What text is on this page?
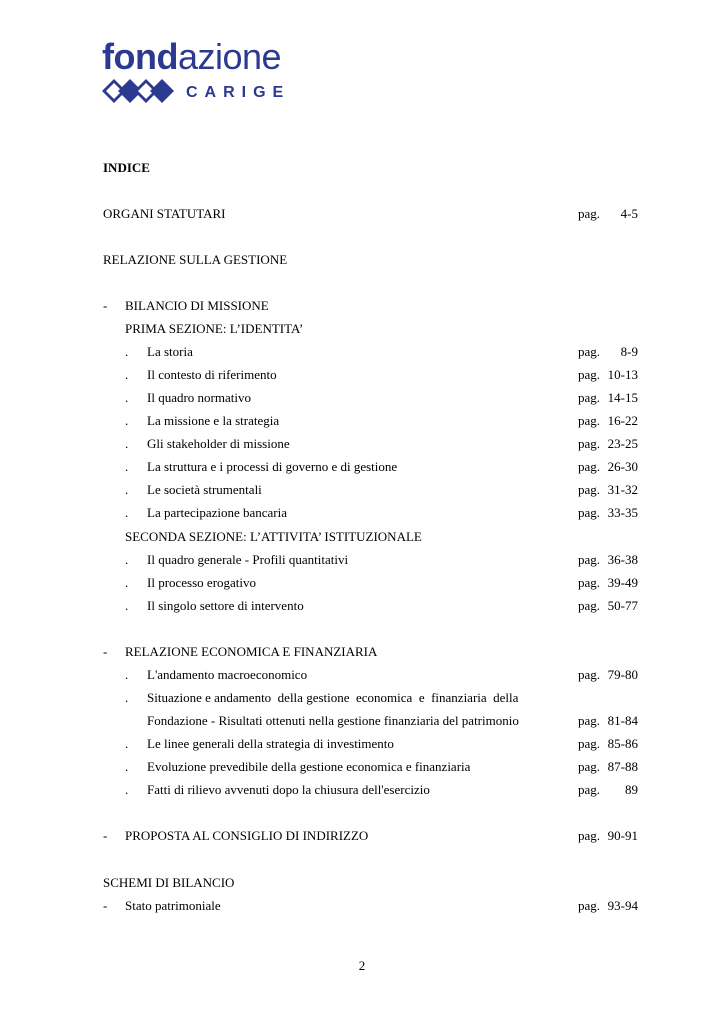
fondazione
CARIGE
INDICE
ORGANI STATUTARI	pag. 4-5
RELAZIONE SULLA GESTIONE
- BILANCIO DI MISSIONE
PRIMA SEZIONE: L’IDENTITA’
. La storia	pag. 8-9
. Il contesto di riferimento	pag. 10-13
. Il quadro normativo	pag. 14-15
. La missione e la strategia	pag. 16-22
. Gli stakeholder di missione	pag. 23-25
. La struttura e i processi di governo e di gestione	pag. 26-30
. Le società strumentali	pag. 31-32
. La partecipazione bancaria	pag. 33-35
SECONDA SEZIONE: L’ATTIVITA’ ISTITUZIONALE
. Il quadro generale - Profili quantitativi	pag. 36-38
. Il processo erogativo	pag. 39-49
. Il singolo settore di intervento	pag. 50-77
- RELAZIONE ECONOMICA E FINANZIARIA
. L'andamento macroeconomico	pag. 79-80
. Situazione e andamento  della gestione  economica  e  finanziaria  della
Fondazione - Risultati ottenuti nella gestione finanziaria del patrimonio	pag. 81-84
. Le linee generali della strategia di investimento	pag. 85-86
. Evoluzione prevedibile della gestione economica e finanziaria	pag. 87-88
. Fatti di rilievo avvenuti dopo la chiusura dell'esercizio	pag. 89
- PROPOSTA AL CONSIGLIO DI INDIRIZZO	pag. 90-91
SCHEMI DI BILANCIO
- Stato patrimoniale	pag. 93-94
2
